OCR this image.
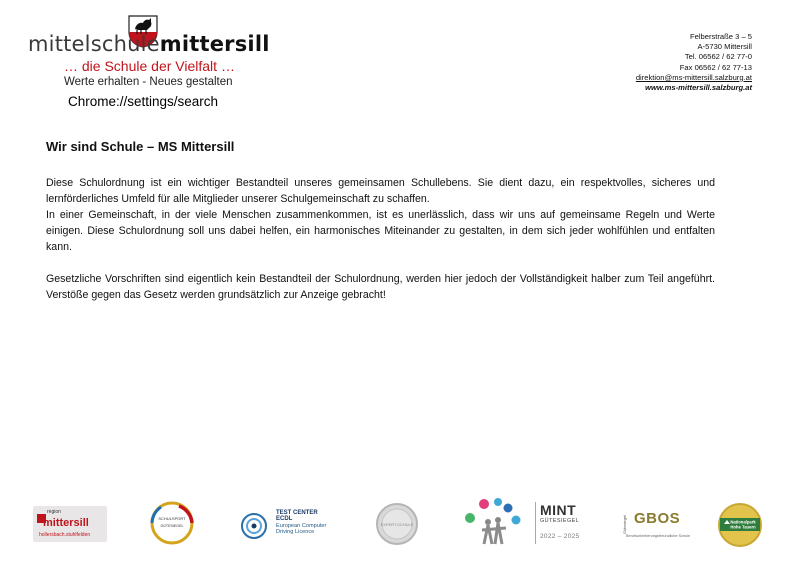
mittelschulemittersill
… die Schule der Vielfalt …
Werte erhalten - Neues gestalten
Chrome://settings/search
Felberstraße 3 – 5
A-5730 Mittersill
Tel. 06562 / 62 77-0
Fax 06562 / 62 77-13
direktion@ms-mittersill.salzburg.at
www.ms-mittersill.salzburg.at
Wir sind Schule – MS Mittersill

Diese Schulordnung ist ein wichtiger Bestandteil unseres gemeinsamen Schullebens. Sie dient dazu, ein respektvolles, sicheres und lernförderliches Umfeld für alle Mitglieder unserer Schulgemeinschaft zu schaffen.

In einer Gemeinschaft, in der viele Menschen zusammenkommen, ist es unerlässlich, dass wir uns auf gemeinsame Regeln und Werte einigen. Diese Schulordnung soll uns dabei helfen, ein harmonisches Miteinander zu gestalten, in dem sich jeder wohlfühlen und entfalten kann.

Gesetzliche Vorschriften sind eigentlich kein Bestandteil der Schulordnung, werden hier jedoch der Vollständigkeit halber zum Teil angeführt. Verstöße gegen das Gesetz werden grundsätzlich zur Anzeige gebracht!

region
mittersill
hollersbach.stuhlfelden
SCHULSPORT
GÜTESIEGEL
TEST CENTER
ECDL
European Computer
Driving Licence
EXPERT.SCHULE
MINT
GÜTESIEGEL
2022 – 2025
Gütesiegel GBOS
Berufsorientierungsfreundliche Schule
Nationalpark
Hohe Tauern
